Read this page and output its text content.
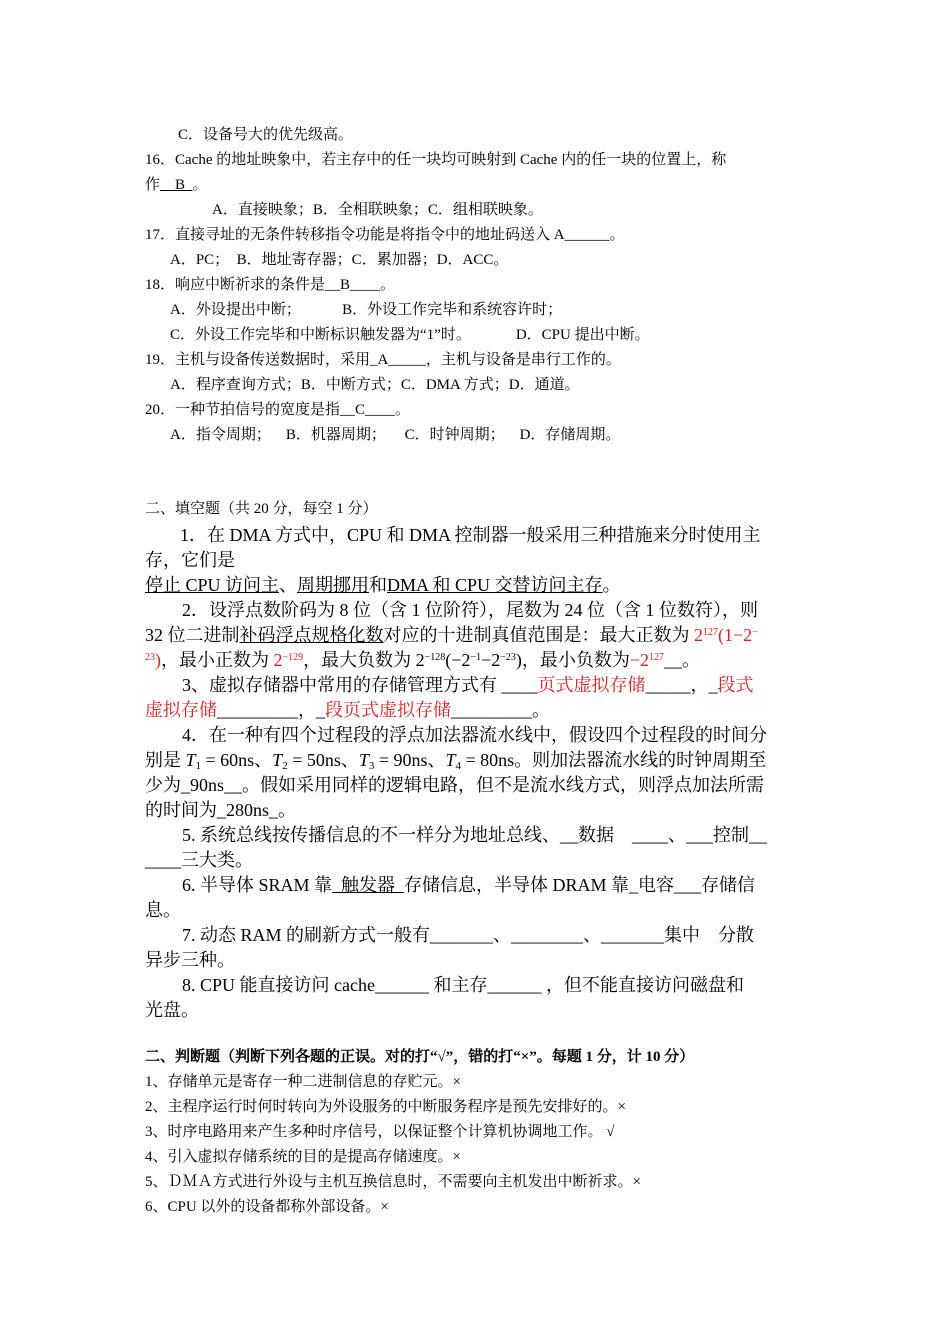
C．设备号大的优先级高。
16．Cache 的地址映象中，若主存中的任一块均可映射到 Cache 内的任一块的位置上，称
作    B  。
A．直接映象；B．全相联映象；C．组相联映象。
17．直接寻址的无条件转移指令功能是将指令中的地址码送入 A______。
A．PC；  B．地址寄存器；C．累加器；D．ACC。
18．响应中断祈求的条件是__B____。
A．外设提出中断；           B．外设工作完毕和系统容许时；
C．外设工作完毕和中断标识触发器为“1”时。            D．CPU 提出中断。
19．主机与设备传送数据时，采用_A_____，主机与设备是串行工作的。
A．程序查询方式；B．中断方式；C．DMA 方式；D．通道。
20．一种节拍信号的宽度是指__C____。
A．指令周期；    B．机器周期；     C．时钟周期；    D．存储周期。
二、填空题（共 20 分，每空 1 分）
1．在 DMA 方式中，CPU 和 DMA 控制器一般采用三种措施来分时使用主
存，它们是
停止 CPU 访问主、周期挪用和DMA 和 CPU 交替访问主存。
2．设浮点数阶码为 8 位（含 1 位阶符），尾数为 24 位（含 1 位数符），则
32 位二进制补码浮点规格化数对应的十进制真值范围是：最大正数为 $2^{127}(1-2^-$
$^{23}$)，最小正数为 $2^{-129}$，最大负数为 $2^{-128}(-2^{-1}-2^{-23})$，最小负数为$-2^{127}\_\_$。
3、虚拟存储器中常用的存储管理方式有 ____页式虚拟存储_____，_段式
虚拟存储_________，_段页式虚拟存储_________。
4．在一种有四个过程段的浮点加法器流水线中，假设四个过程段的时间分
别是 $T_1 = 60ns$、$T_2 = 50ns$、$T_3 = 90ns$、$T_4 = 80ns$。则加法器流水线的时钟周期至
少为_90ns__。假如采用同样的逻辑电路，但不是流水线方式，则浮点加法所需
的时间为_280ns_。
5. 系统总线按传播信息的不一样分为地址总线、__数据    ____、___控制__
____三大类。
6. 半导体 SRAM 靠  触发器  存储信息，半导体 DRAM 靠_电容___存储信
息。
7. 动态 RAM 的刷新方式一般有_______、________、_______集中    分散
异步三种。
8. CPU 能直接访问 cache______ 和主存______ ，但不能直接访问磁盘和
光盘。
二、判断题（判断下列各题的正误。对的打“√”，错的打“×”。每题 1 分，计 10 分）
1、存储单元是寄存一种二进制信息的存贮元。×
2、主程序运行时何时转向为外设服务的中断服务程序是预先安排好的。×
3、时序电路用来产生多种时序信号，以保证整个计算机协调地工作。 √
4、引入虚拟存储系统的目的是提高存储速度。×
5、ＤＭＡ方式进行外设与主机互换信息时，不需要向主机发出中断祈求。×
6、CPU 以外的设备都称外部设备。×
